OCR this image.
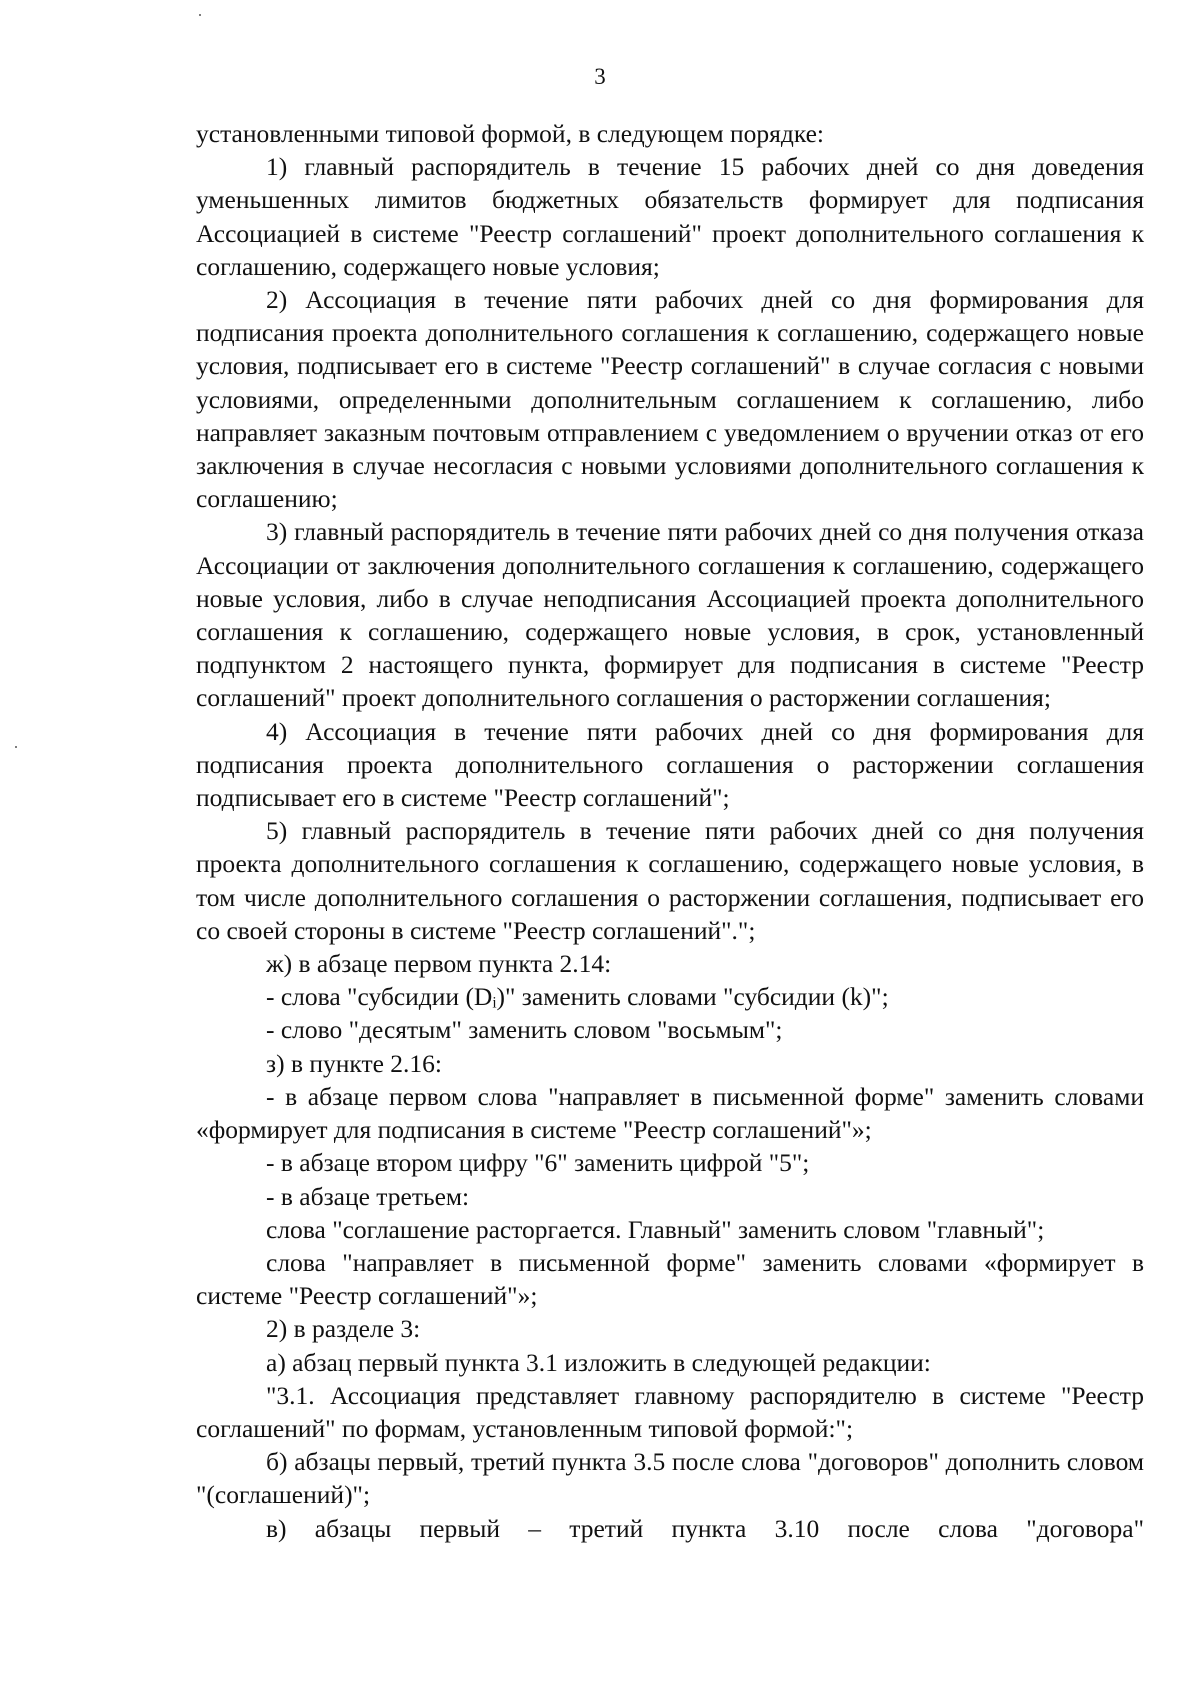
3

установленными типовой формой, в следующем порядке:

1) главный распорядитель в течение 15 рабочих дней со дня доведения уменьшенных лимитов бюджетных обязательств формирует для подписания Ассоциацией в системе "Реестр соглашений" проект дополнительного соглашения к соглашению, содержащего новые условия;

2) Ассоциация в течение пяти рабочих дней со дня формирования для подписания проекта дополнительного соглашения к соглашению, содержащего новые условия, подписывает его в системе "Реестр соглашений" в случае согласия с новыми условиями, определенными дополнительным соглашением к соглашению, либо направляет заказным почтовым отправлением с уведомлением о вручении отказ от его заключения в случае несогласия с новыми условиями дополнительного соглашения к соглашению;

3) главный распорядитель в течение пяти рабочих дней со дня получения отказа Ассоциации от заключения дополнительного соглашения к соглашению, содержащего новые условия, либо в случае неподписания Ассоциацией проекта дополнительного соглашения к соглашению, содержащего новые условия, в срок, установленный подпунктом 2 настоящего пункта, формирует для подписания в системе "Реестр соглашений" проект дополнительного соглашения о расторжении соглашения;

4) Ассоциация в течение пяти рабочих дней со дня формирования для подписания проекта дополнительного соглашения о расторжении соглашения подписывает его в системе "Реестр соглашений";

5) главный распорядитель в течение пяти рабочих дней со дня получения проекта дополнительного соглашения к соглашению, содержащего новые условия, в том числе дополнительного соглашения о расторжении соглашения, подписывает его со своей стороны в системе "Реестр соглашений".";

ж) в абзаце первом пункта 2.14:

- слова "субсидии (Dᵢ)" заменить словами "субсидии (k)";

- слово "десятым" заменить словом "восьмым";

з) в пункте 2.16:

- в абзаце первом слова "направляет в письменной форме" заменить словами «формирует для подписания в системе "Реестр соглашений"»;

- в абзаце втором цифру "6" заменить цифрой "5";

- в абзаце третьем:

слова "соглашение расторгается. Главный" заменить словом "главный";

слова "направляет в письменной форме" заменить словами «формирует в системе "Реестр соглашений"»;

2) в разделе 3:

а) абзац первый пункта 3.1 изложить в следующей редакции:

"3.1. Ассоциация представляет главному распорядителю в системе "Реестр соглашений" по формам, установленным типовой формой:";

б) абзацы первый, третий пункта 3.5 после слова "договоров" дополнить словом "(соглашений)";

в) абзацы первый – третий пункта 3.10 после слова "договора"
